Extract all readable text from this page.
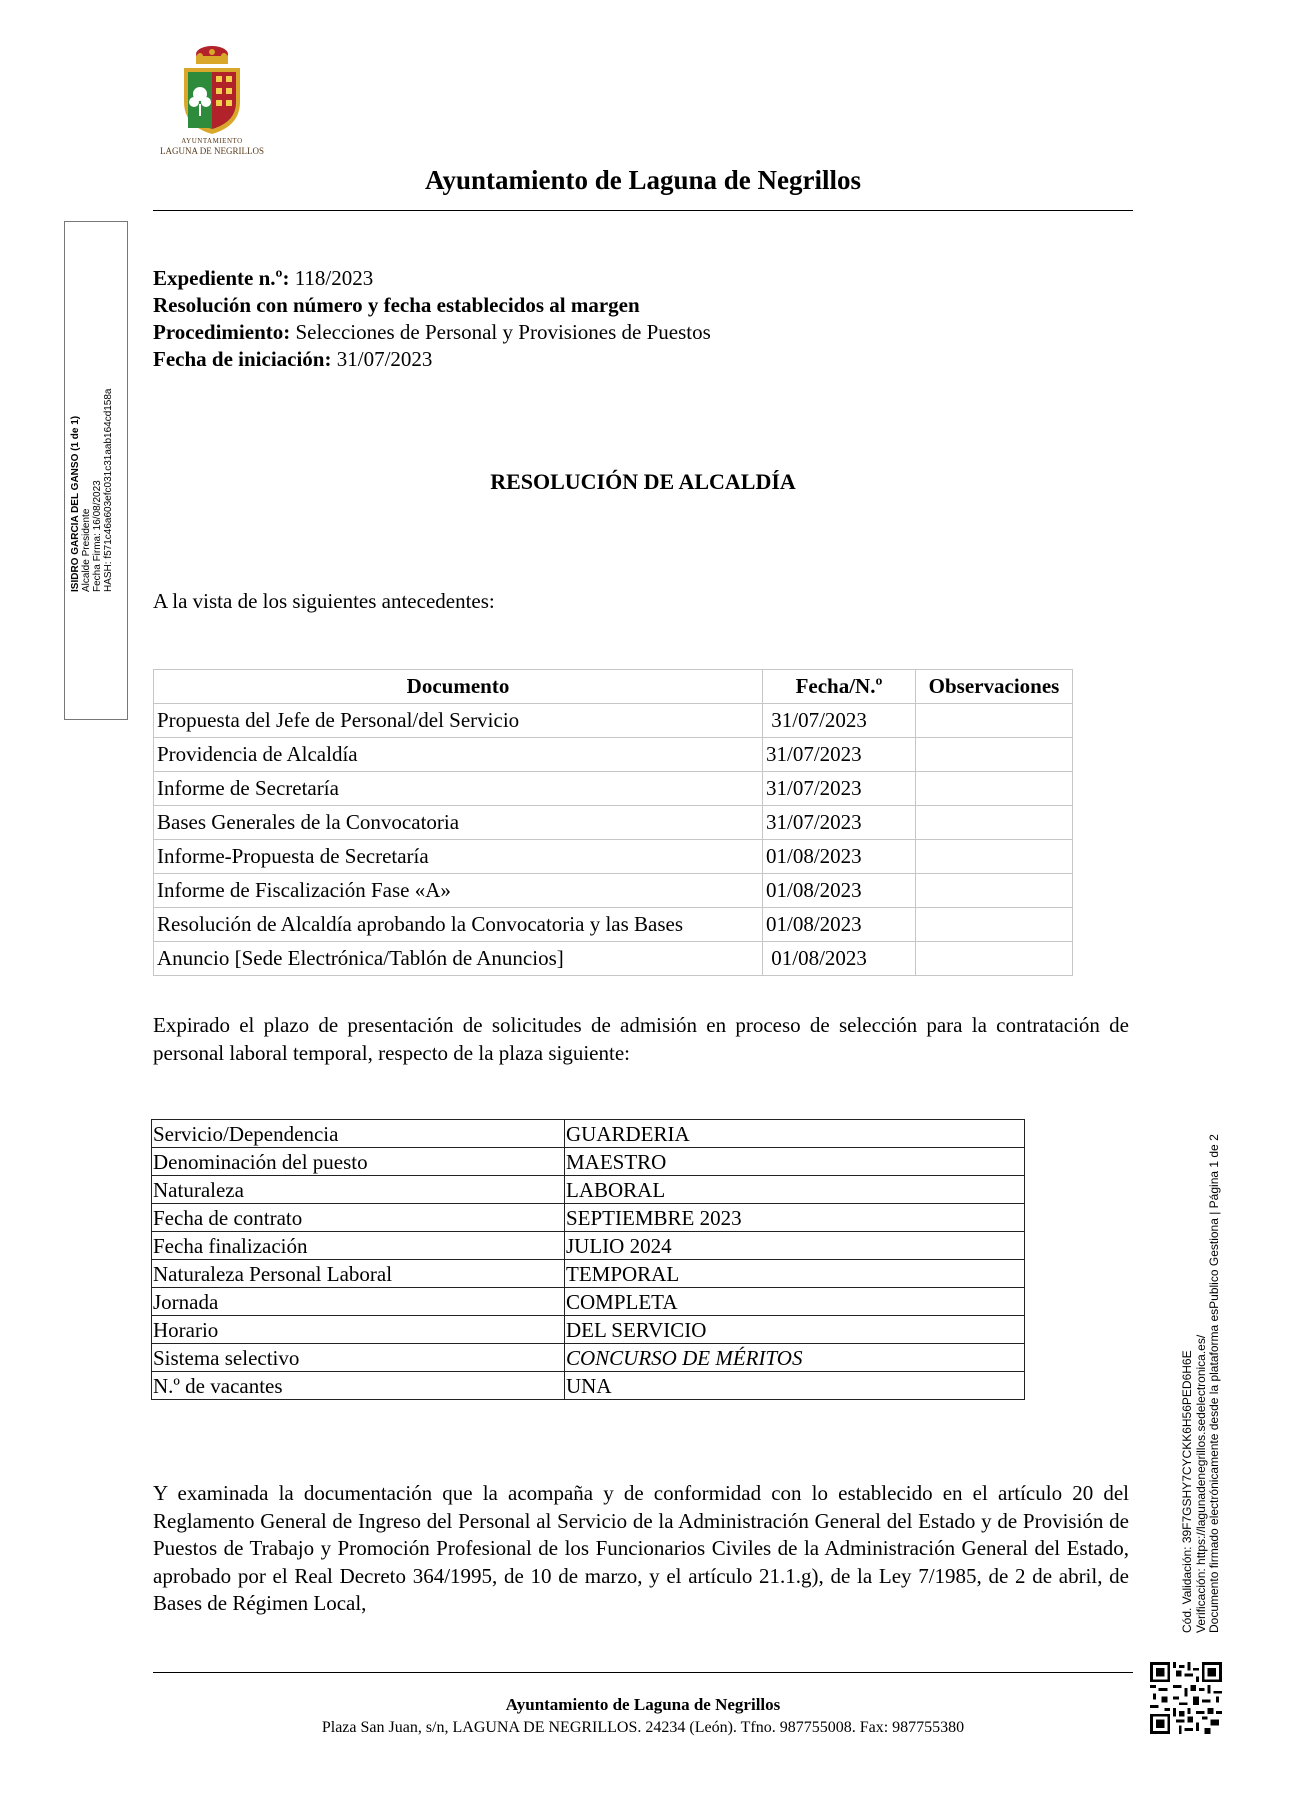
AYUNTAMIENTO
LAGUNA DE NEGRILLOS
Ayuntamiento de Laguna de Negrillos
ISIDRO GARCIA DEL GANSO (1 de 1) Alcalde Presidente Fecha Firma: 16/08/2023 HASH: f571c46a603efc031c31aab164cd158a
Expediente n.º: 118/2023
Resolución con número y fecha establecidos al margen
Procedimiento: Selecciones de Personal y Provisiones de Puestos
Fecha de iniciación: 31/07/2023
RESOLUCIÓN DE ALCALDÍA
A la vista de los siguientes antecedentes:
Documento	Fecha/N.º	Observaciones
Propuesta del Jefe de Personal/del Servicio	31/07/2023	
Providencia de Alcaldía	31/07/2023	
Informe de Secretaría	31/07/2023	
Bases Generales de la Convocatoria	31/07/2023	
Informe-Propuesta de Secretaría	01/08/2023	
Informe de Fiscalización Fase «A»	01/08/2023	
Resolución de Alcaldía aprobando la Convocatoria y las Bases	01/08/2023	
Anuncio [Sede Electrónica/Tablón de Anuncios]	01/08/2023	
Expirado el plazo de presentación de solicitudes de admisión en proceso de selección para la contratación de personal laboral temporal, respecto de la plaza siguiente:
Servicio/Dependencia	GUARDERIA
Denominación del puesto	MAESTRO
Naturaleza	LABORAL
Fecha de contrato	SEPTIEMBRE 2023
Fecha finalización	JULIO 2024
Naturaleza Personal Laboral	TEMPORAL
Jornada	COMPLETA
Horario	DEL SERVICIO
Sistema selectivo	CONCURSO DE MÉRITOS
N.º de vacantes	UNA
Y examinada la documentación que la acompaña y de conformidad con lo establecido en el artículo 20 del Reglamento General de Ingreso del Personal al Servicio de la Administración General del Estado y de Provisión de Puestos de Trabajo y Promoción Profesional de los Funcionarios Civiles de la Administración General del Estado, aprobado por el Real Decreto 364/1995, de 10 de marzo, y el artículo 21.1.g), de la Ley 7/1985, de 2 de abril, de Bases de Régimen Local,	Cód. Validación: 39F7GSHY7CYCKK6H56PED6H6E Verificación: https://lagunadenegrillos.sedelectronica.es/ Documento firmado electrónicamente desde la plataforma esPublico Gestiona | Página 1 de 2
Ayuntamiento de Laguna de Negrillos
Plaza San Juan, s/n, LAGUNA DE NEGRILLOS. 24234 (León). Tfno. 987755008. Fax: 987755380
